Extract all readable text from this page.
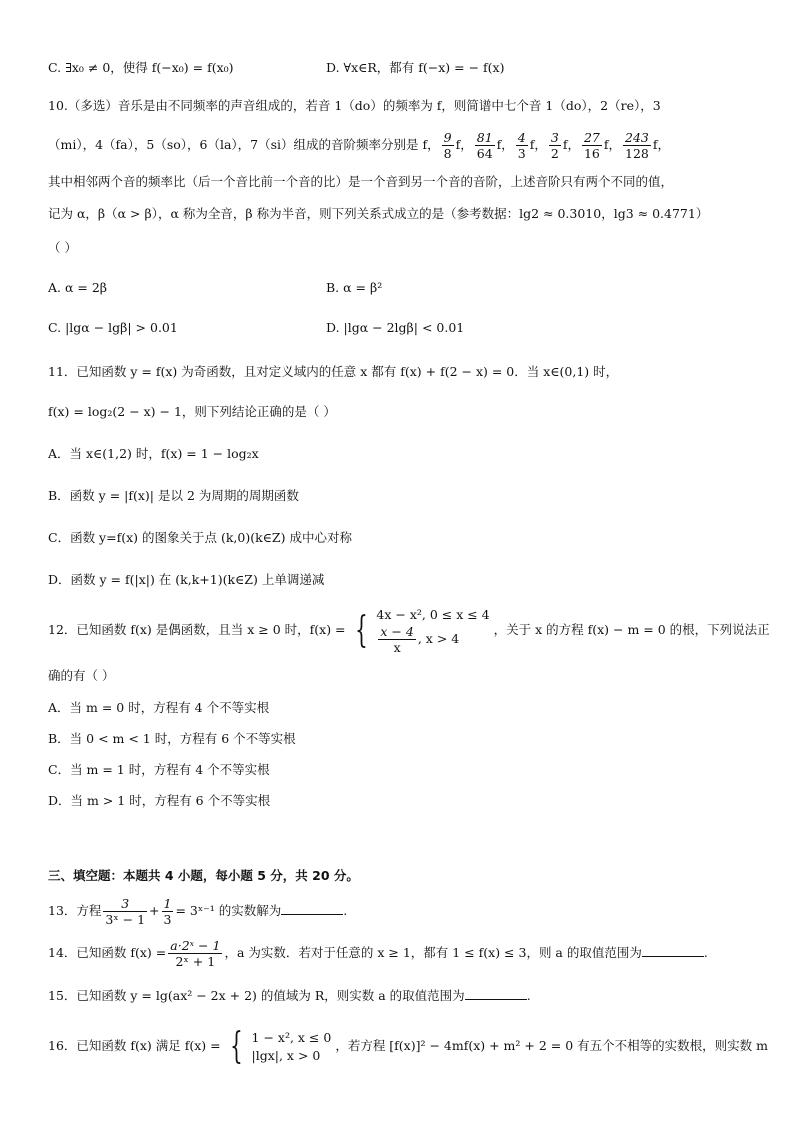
C. ∃x₀ ≠ 0，使得 f(−x₀) = f(x₀)	D. ∀x∈R，都有 f(−x) = − f(x)
10.（多选）音乐是由不同频率的声音组成的，若音 1（do）的频率为 f，则简谱中七个音 1（do），2（re），3
（mi），4（fa），5（so），6（la），7（si）组成的音阶频率分别是 f， $\frac{9}{8}$ f， $\frac{81}{64}$ f， $\frac{4}{3}$ f， $\frac{3}{2}$ f， $\frac{27}{16}$ f， $\frac{243}{128}$ f，
其中相邻两个音的频率比（后一个音比前一个音的比）是一个音到另一个音的音阶，上述音阶只有两个不同的值，
记为 α，β（α > β），α 称为全音，β 称为半音，则下列关系式成立的是（参考数据：lg2 ≈ 0.3010，lg3 ≈ 0.4771）
（ ）
A. α = 2β	B. α = β²
C. |lgα − lgβ| > 0.01	D. |lgα − 2lgβ| < 0.01
11．已知函数 y = f(x) 为奇函数，且对定义域内的任意 x 都有 f(x) + f(2 − x) = 0．当 x∈(0,1) 时，
f(x) = log₂(2 − x) − 1，则下列结论正确的是（ ）
A．当 x∈(1,2) 时，f(x) = 1 − log₂x
B．函数 y = |f(x)| 是以 2 为周期的周期函数
C．函数 y=f(x) 的图象关于点 (k,0)(k∈Z) 成中心对称
D．函数 y = f(|x|) 在 (k,k+1)(k∈Z) 上单调递减
12．已知函数 f(x) 是偶函数，且当 x ≥ 0 时，f(x) = { 4x − x², 0 ≤ x ≤ 4
$\frac{x - 4}{x}$ , x > 4
，关于 x 的方程 f(x) − m = 0 的根，下列说法正
确的有（ ）
A．当 m = 0 时，方程有 4 个不等实根
B．当 0 < m < 1 时，方程有 6 个不等实根
C．当 m = 1 时，方程有 4 个不等实根
D．当 m > 1 时，方程有 6 个不等实根
三、填空题：本题共 4 小题，每小题 5 分，共 20 分。
13．方程 $\frac{3}{\text{3ˣ − 1}} + \frac{1}{3}$ = 3ˣ⁻¹ 的实数解为	.
14．已知函数 $f(x) = \frac{\text{a·2ˣ − 1}}{\text{2ˣ + 1}}$ ，a 为实数．若对于任意的 x ≥ 1，都有 1 ≤ f(x) ≤ 3，则 a 的取值范围为	.
15．已知函数 y = lg(ax² − 2x + 2) 的值域为 R，则实数 a 的取值范围为	.
16．已知函数 f(x) 满足 f(x) = { 1 − x², x ≤ 0
|lgx|, x > 0
，若方程 [f(x)]² − 4mf(x) + m² + 2 = 0 有五个不相等的实数根，则实数 m
